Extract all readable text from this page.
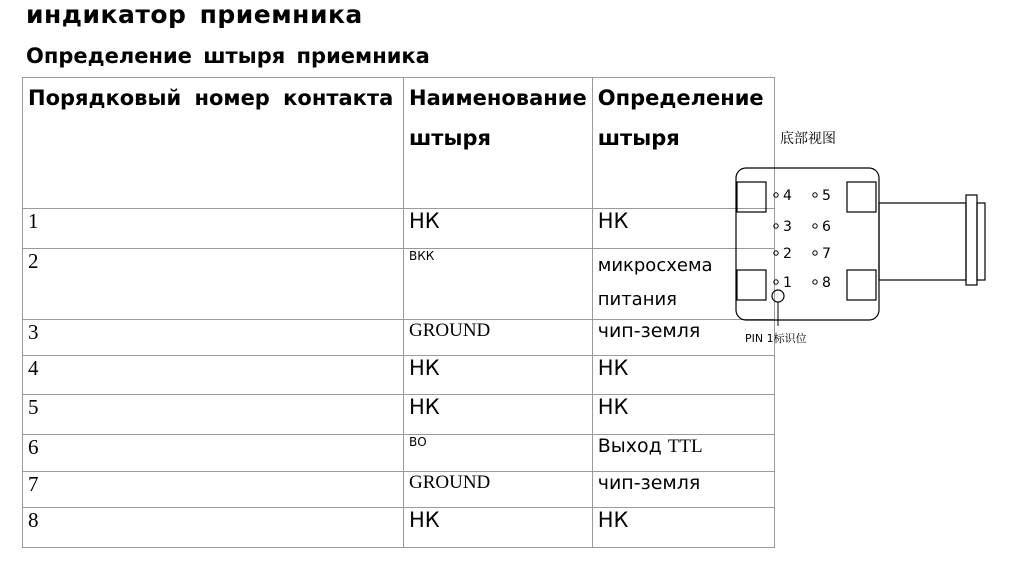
индикатор приемника
Определение штыря приемника
Порядковый номер контакта	Наименование штыря	Определение штыря
1	НК	НК
2	ВКК	микросхема питания
3	GROUND	чип-земля
4	НК	НК
5	НК	НК
6	ВО	Выход TTL
7	GROUND	чип-земля
8	НК	НК
底部视图
4 5
3 6
2 7
1 8
PIN 1标识位
